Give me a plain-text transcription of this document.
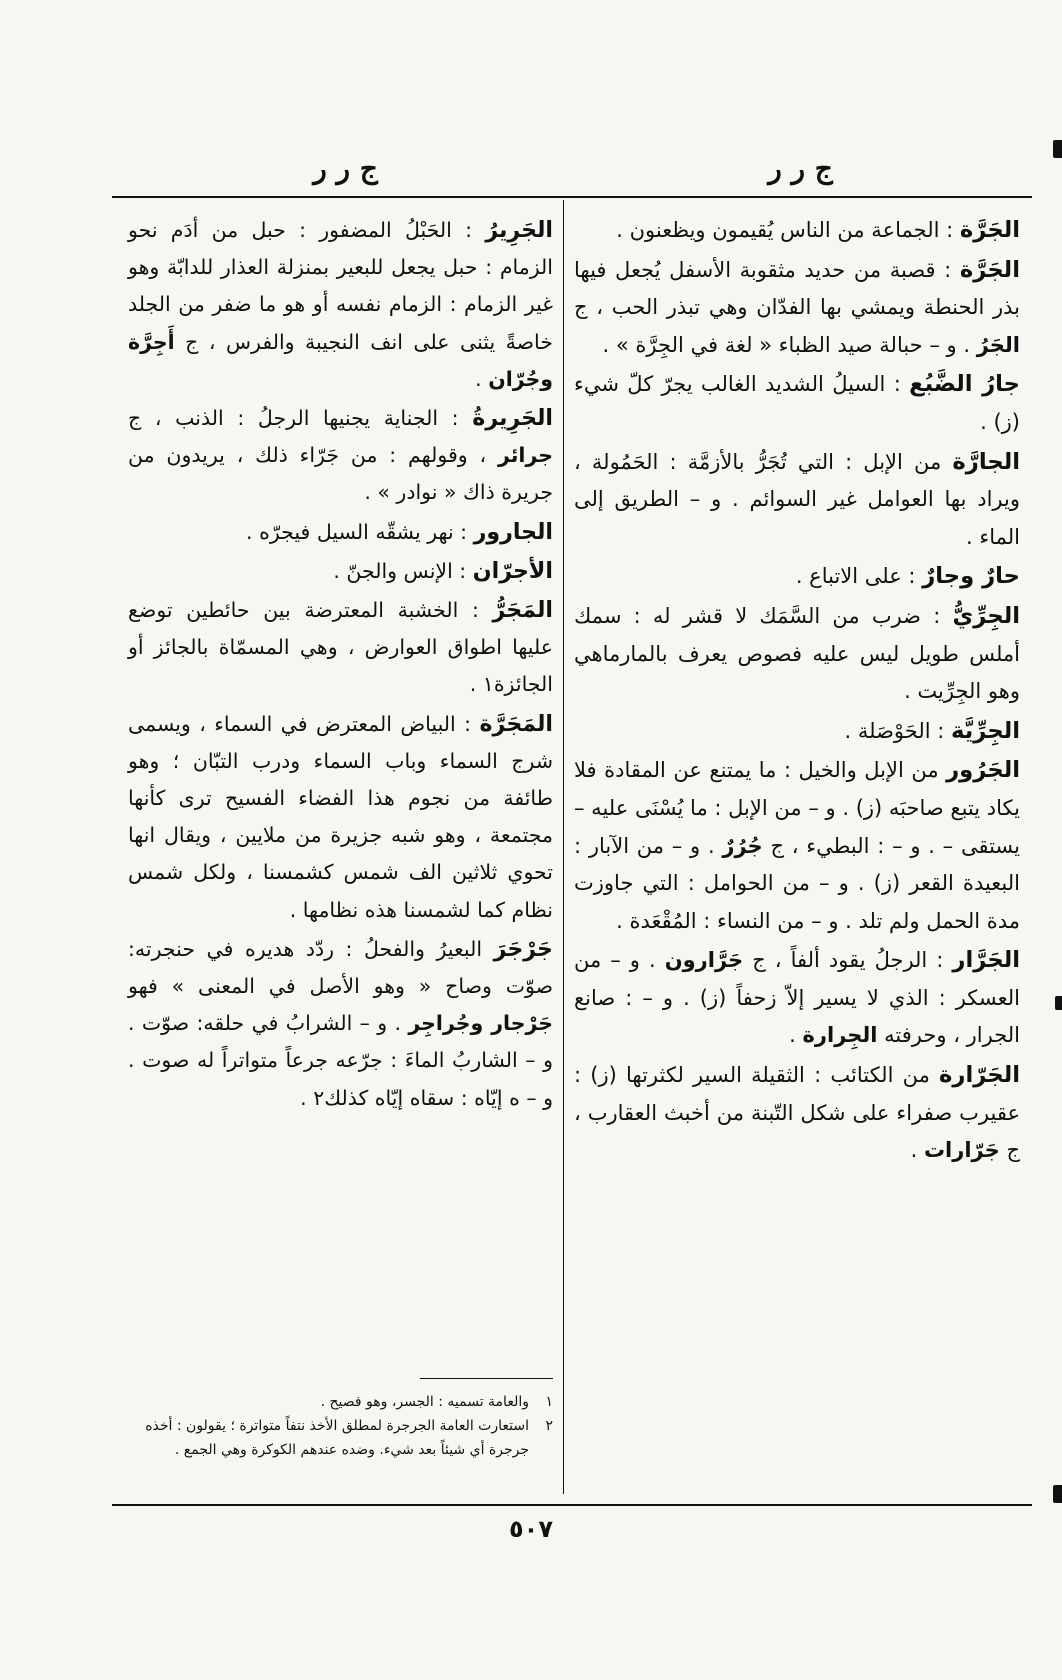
ج ر ر	ج ر ر

الجَرَّة : الجماعة من الناس يُقيمون ويظعنون .

الجَرَّة : قصبة من حديد مثقوبة الأسفل يُجعل فيها بذر الحنطة ويمشي بها الفدّان وهي تبذر الحب ، ج الجَرُ . و – حبالة صيد الظباء « لغة في الجِرَّة » .

جارُ الضَّبُع : السيلُ الشديد الغالب يجرّ كلّ شيء (ز) .

الجارَّة من الإبل : التي تُجَرُّ بالأزمَّة : الحَمُولة ، ويراد بها العوامل غير السوائم . و – الطريق إلى الماء .

حارٌ وجارٌ : على الاتباع .

الجِرِّيُّ : ضرب من السَّمَك لا قشر له : سمك أملس طويل ليس عليه فصوص يعرف بالمارماهي وهو الجِرِّيت .

الجِرِّيَّة : الحَوْصَلة .

الجَرُور من الإبل والخيل : ما يمتنع عن المقادة فلا يكاد يتبع صاحبَه (ز) . و – من الإبل : ما يُسْنَى عليه – يستقى – . و – : البطيء ، ج جُرُرٌ . و – من الآبار : البعيدة القعر (ز) . و – من الحوامل : التي جاوزت مدة الحمل ولم تلد . و – من النساء : المُقْعَدة .

الجَرَّار : الرجلُ يقود ألفاً ، ج جَرَّارون . و – من العسكر : الذي لا يسير إلاّ زحفاً (ز) . و – : صانع الجرار ، وحرفته الجِرارة .

الجَرّارة من الكتائب : الثقيلة السير لكثرتها (ز) : عقيرب صفراء على شكل التّبنة من أخبث العقارب ، ج جَرّارات .

الجَرِيرُ : الحَبْلُ المضفور : حبل من أدَم نحو الزمام : حبل يجعل للبعير بمنزلة العذار للدابّة وهو غير الزمام : الزمام نفسه أو هو ما ضفر من الجلد خاصةً يثنى على انف النجيبة والفرس ، ج أَجِرَّة وجُرّان .

الجَرِيرةُ : الجناية يجنيها الرجلُ : الذنب ، ج جرائر ، وقولهم : من جَرّاء ذلك ، يريدون من جريرة ذاك « نوادر » .

الجارور : نهر يشقّه السيل فيجرّه .

الأجرّان : الإنس والجنّ .

المَجَرُّ : الخشبة المعترضة بين حائطين توضع عليها اطواق العوارض ، وهي المسمّاة بالجائز أو الجائزة١ .

المَجَرَّة : البياض المعترض في السماء ، ويسمى شرج السماء وباب السماء ودرب التبّان ؛ وهو طائفة من نجوم هذا الفضاء الفسيح ترى كأنها مجتمعة ، وهو شبه جزيرة من ملايين ، ويقال انها تحوي ثلاثين الف شمس كشمسنا ، ولكل شمس نظام كما لشمسنا هذه نظامها .

جَرْجَرَ البعيرُ والفحلُ : ردّد هديره في حنجرته: صوّت وصاح « وهو الأصل في المعنى » فهو جَرْجار وجُراجِر . و – الشرابُ في حلقه: صوّت . و – الشاربُ الماءَ : جرّعه جرعاً متواتراً له صوت . و – ه إيّاه : سقاه إيّاه كذلك٢ .

١
والعامة تسميه : الجسر، وهو فصيح .
٢
استعارت العامة الجرجرة لمطلق الأخذ نتفاً متواترة ؛ يقولون : أخذه جرجرة أي شيئاً بعد شيء. وضده عندهم الكوكرة وهي الجمع .
٥٠٧
